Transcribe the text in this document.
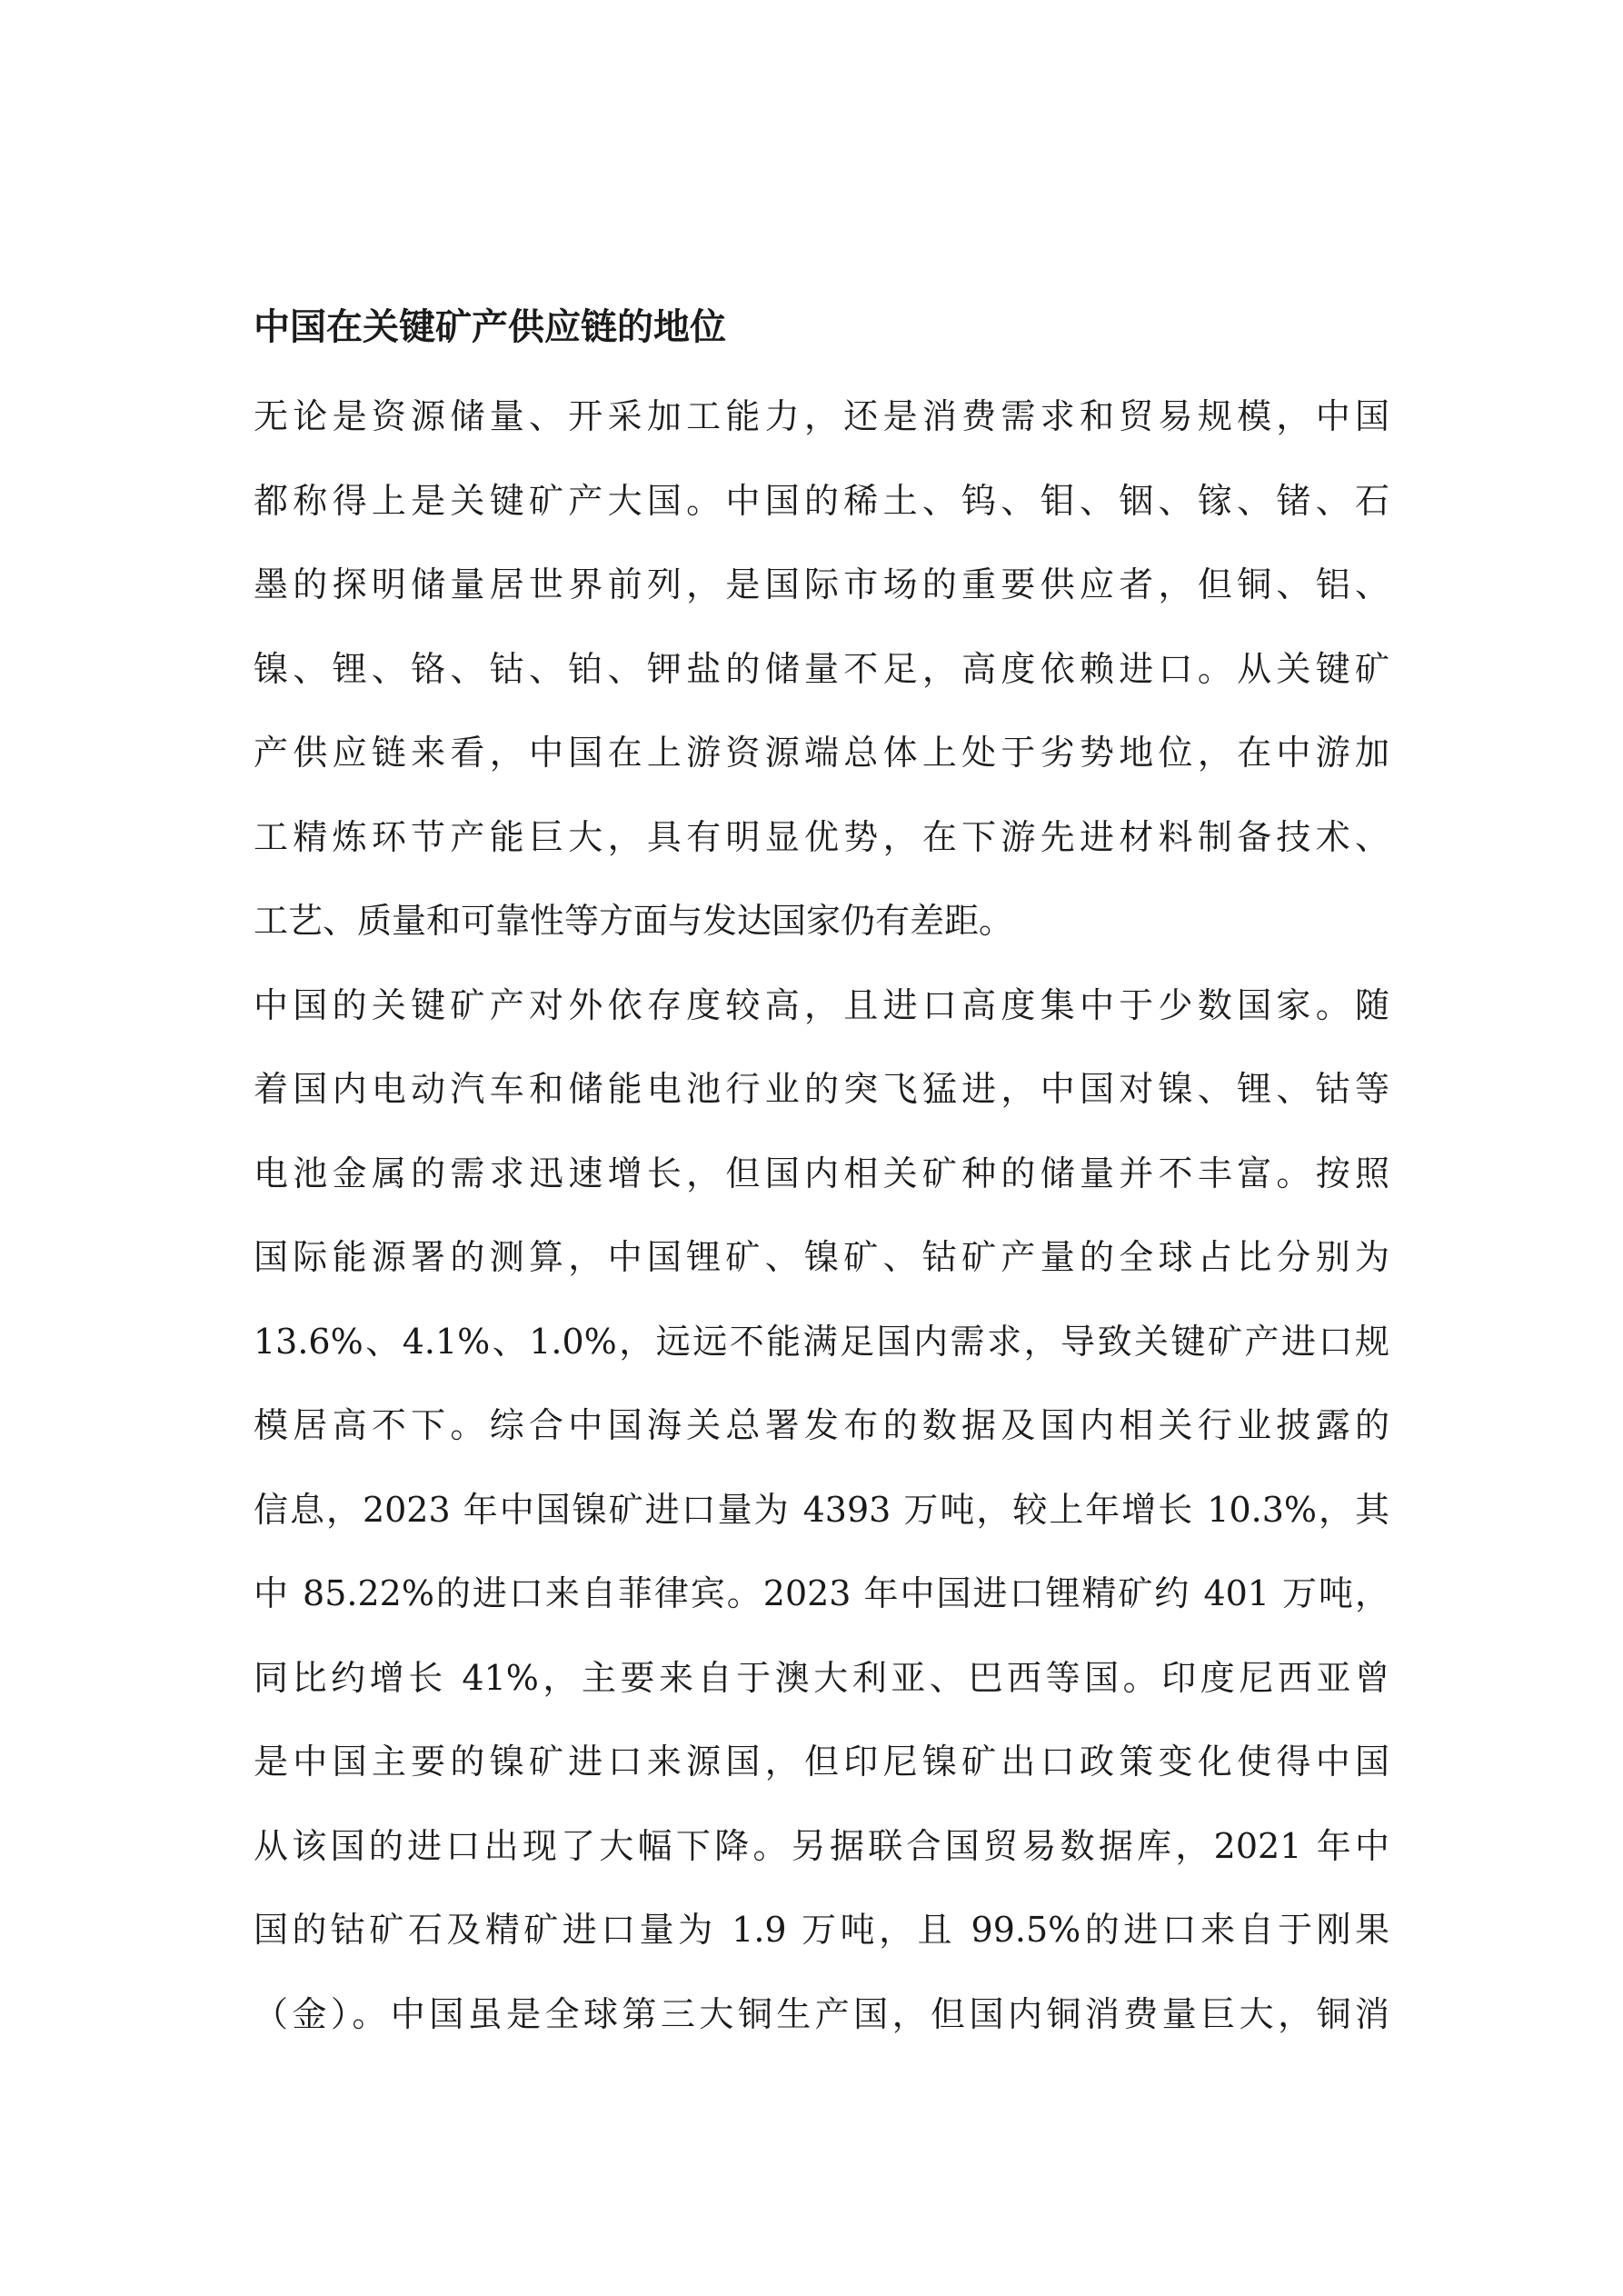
中国在关键矿产供应链的地位
无论是资源储量、开采加工能力，还是消费需求和贸易规模，中国
都称得上是关键矿产大国。中国的稀土、钨、钼、铟、镓、锗、石
墨的探明储量居世界前列，是国际市场的重要供应者，但铜、铝、
镍、锂、铬、钴、铂、钾盐的储量不足，高度依赖进口。从关键矿
产供应链来看，中国在上游资源端总体上处于劣势地位，在中游加
工精炼环节产能巨大，具有明显优势，在下游先进材料制备技术、
工艺、质量和可靠性等方面与发达国家仍有差距。
中国的关键矿产对外依存度较高，且进口高度集中于少数国家。随
着国内电动汽车和储能电池行业的突飞猛进，中国对镍、锂、钴等
电池金属的需求迅速增长，但国内相关矿种的储量并不丰富。按照
国际能源署的测算，中国锂矿、镍矿、钴矿产量的全球占比分别为
13.6%、4.1%、1.0%，远远不能满足国内需求，导致关键矿产进口规
模居高不下。综合中国海关总署发布的数据及国内相关行业披露的
信息，2023 年中国镍矿进口量为 4393 万吨，较上年增长 10.3%，其
中 85.22%的进口来自菲律宾。2023 年中国进口锂精矿约 401 万吨，
同比约增长 41%，主要来自于澳大利亚、巴西等国。印度尼西亚曾
是中国主要的镍矿进口来源国，但印尼镍矿出口政策变化使得中国
从该国的进口出现了大幅下降。另据联合国贸易数据库，2021 年中
国的钴矿石及精矿进口量为 1.9 万吨，且 99.5%的进口来自于刚果
（金）。中国虽是全球第三大铜生产国，但国内铜消费量巨大，铜消
